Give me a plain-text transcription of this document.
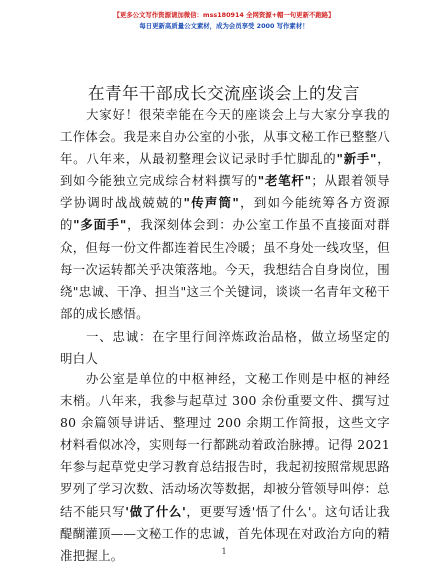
【更多公文写作资源请加微信：mss180914 全网资源+帽一句更新不跑路】
每日更新高质量公文素材，成为会员享受 2000 写作素材！
在青年干部成长交流座谈会上的发言

大家好！很荣幸能在今天的座谈会上与大家分享我的工作体会。我是来自办公室的小张，从事文秘工作已整整八年。八年来，从最初整理会议记录时手忙脚乱的"新手"，到如今能独立完成综合材料撰写的"老笔杆"；从跟着领导学协调时战战兢兢的"传声筒"，到如今能统筹各方资源的"多面手"，我深刻体会到：办公室工作虽不直接面对群众，但每一份文件都连着民生冷暖；虽不身处一线攻坚，但每一次运转都关乎决策落地。今天，我想结合自身岗位，围绕"忠诚、干净、担当"这三个关键词，谈谈一名青年文秘干部的成长感悟。

一、忠诚：在字里行间淬炼政治品格，做立场坚定的明白人

办公室是单位的中枢神经，文秘工作则是中枢的神经末梢。八年来，我参与起草过 300 余份重要文件、撰写过 80 余篇领导讲话、整理过 200 余期工作简报，这些文字材料看似冰冷，实则每一行都跳动着政治脉搏。记得 2021 年参与起草党史学习教育总结报告时，我起初按照常规思路罗列了学习次数、活动场次等数据，却被分管领导叫停：总结不能只写'做了什么'，更要写透'悟了什么'。这句话让我醍醐灌顶——文秘工作的忠诚，首先体现在对政治方向的精准把握上。	1
